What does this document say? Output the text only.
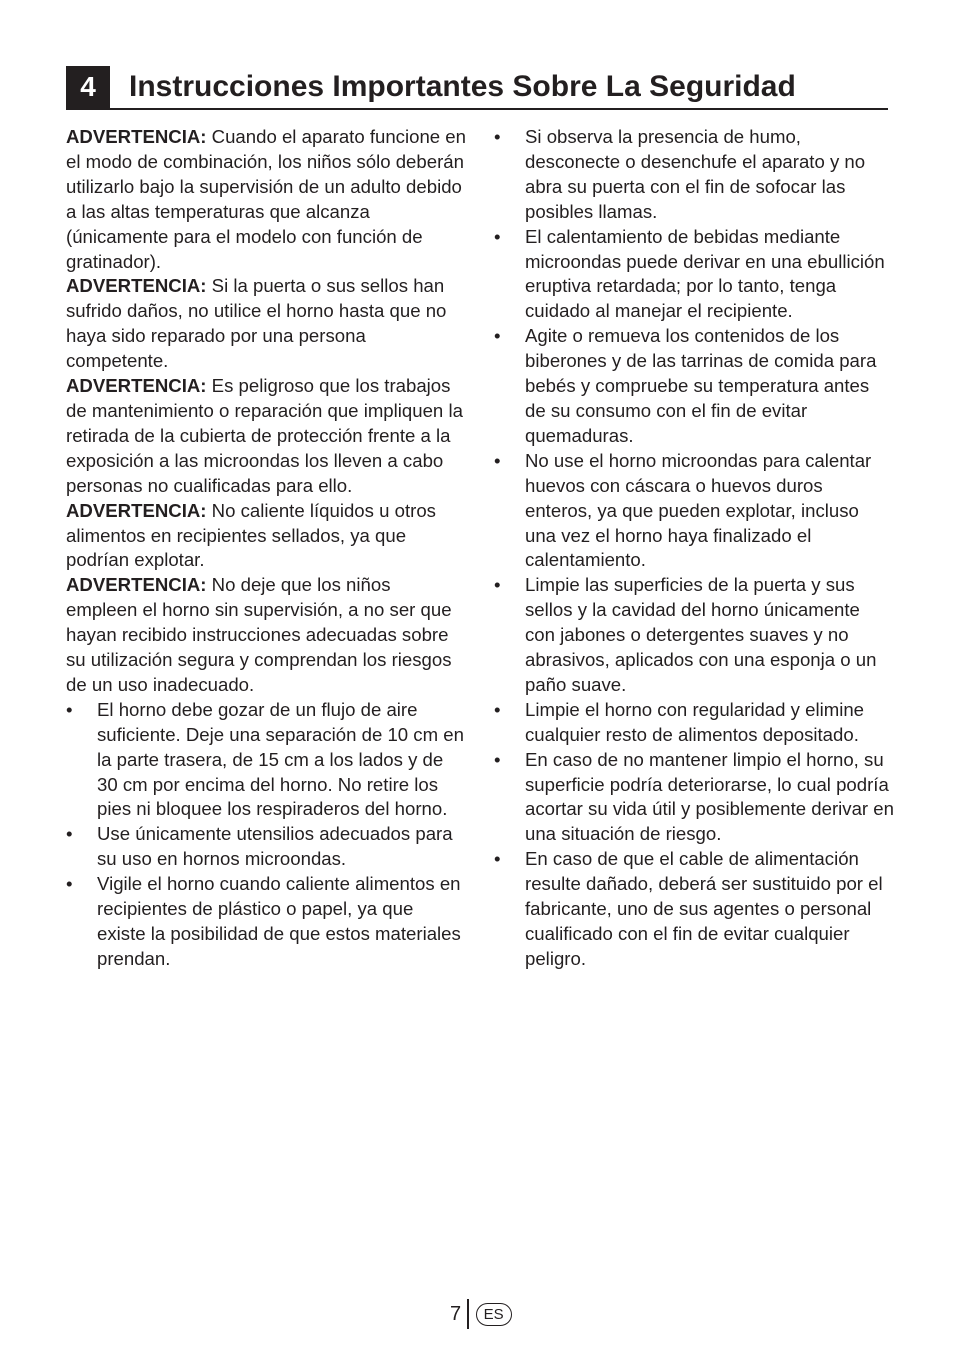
4	Instrucciones Importantes Sobre La Seguridad

ADVERTENCIA: Cuando el aparato funcione en el modo de combinación, los niños sólo deberán utilizarlo bajo la supervisión de un adulto debido a las altas temperaturas que alcanza (únicamente para el modelo con función de gratinador).

ADVERTENCIA: Si la puerta o sus sellos han sufrido daños, no utilice el horno hasta que no haya sido reparado por una persona competente.

ADVERTENCIA: Es peligroso que los trabajos de mantenimiento o reparación que impliquen la retirada de la cubierta de protección frente a la exposición a las microondas los lleven a cabo personas no cualificadas para ello.

ADVERTENCIA: No caliente líquidos u otros alimentos en recipientes sellados, ya que podrían explotar.

ADVERTENCIA: No deje que los niños empleen el horno sin supervisión, a no ser que hayan recibido instrucciones adecuadas sobre su utilización segura y comprendan los riesgos de un uso inadecuado.

• El horno debe gozar de un flujo de aire suficiente. Deje una separación de 10 cm en la parte trasera, de 15 cm a los lados y de 30 cm por encima del horno. No retire los pies ni bloquee los respiraderos del horno.
• Use únicamente utensilios adecuados para su uso en hornos microondas.
• Vigile el horno cuando caliente alimentos en recipientes de plástico o papel, ya que existe la posibilidad de que estos materiales prendan.
• Si observa la presencia de humo, desconecte o desenchufe el aparato y no abra su puerta con el fin de sofocar las posibles llamas.
• El calentamiento de bebidas mediante microondas puede derivar en una ebullición eruptiva retardada; por lo tanto, tenga cuidado al manejar el recipiente.
• Agite o remueva los contenidos de los biberones y de las tarrinas de comida para bebés y compruebe su temperatura antes de su consumo con el fin de evitar quemaduras.
• No use el horno microondas para calentar huevos con cáscara o huevos duros enteros, ya que pueden explotar, incluso una vez el horno haya finalizado el calentamiento.
• Limpie las superficies de la puerta y sus sellos y la cavidad del horno únicamente con jabones o detergentes suaves y no abrasivos, aplicados con una esponja o un paño suave.
• Limpie el horno con regularidad y elimine cualquier resto de alimentos depositado.
• En caso de no mantener limpio el horno, su superficie podría deteriorarse, lo cual podría acortar su vida útil y posiblemente derivar en una situación de riesgo.
• En caso de que el cable de alimentación resulte dañado, deberá ser sustituido por el fabricante, uno de sus agentes o personal cualificado con el fin de evitar cualquier peligro.
7	ES
